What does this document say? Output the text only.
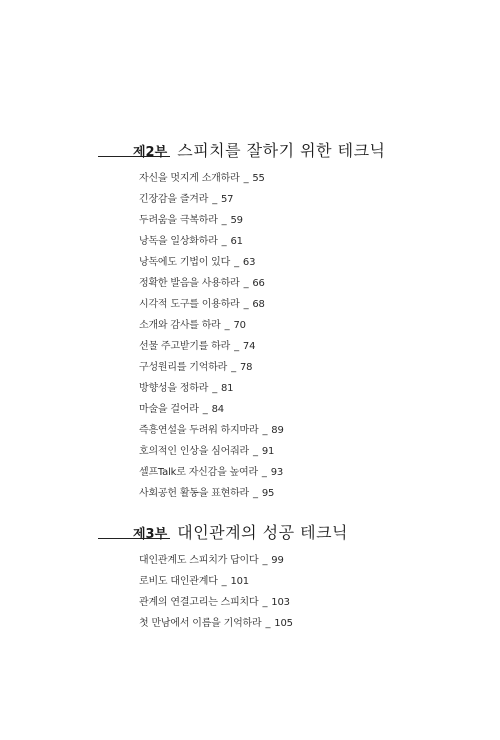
제2부 스피치를 잘하기 위한 테크닉
자신을 멋지게 소개하라 _ 55
긴장감을 즐겨라 _ 57
두려움을 극복하라 _ 59
낭독을 일상화하라 _ 61
낭독에도 기법이 있다 _ 63
정확한 발음을 사용하라 _ 66
시각적 도구를 이용하라 _ 68
소개와 감사를 하라 _ 70
선물 주고받기를 하라 _ 74
구성원리를 기억하라 _ 78
방향성을 정하라 _ 81
마술을 걸어라 _ 84
즉흥연설을 두려워 하지마라 _ 89
호의적인 인상을 심어줘라 _ 91
셀프Talk로 자신감을 높여라 _ 93
사회공헌 활동을 표현하라 _ 95
제3부 대인관계의 성공 테크닉
대인관계도 스피치가 답이다 _ 99
로비도 대인관계다 _ 101
관계의 연결고리는 스피치다 _ 103
첫 만남에서 이름을 기억하라 _ 105
